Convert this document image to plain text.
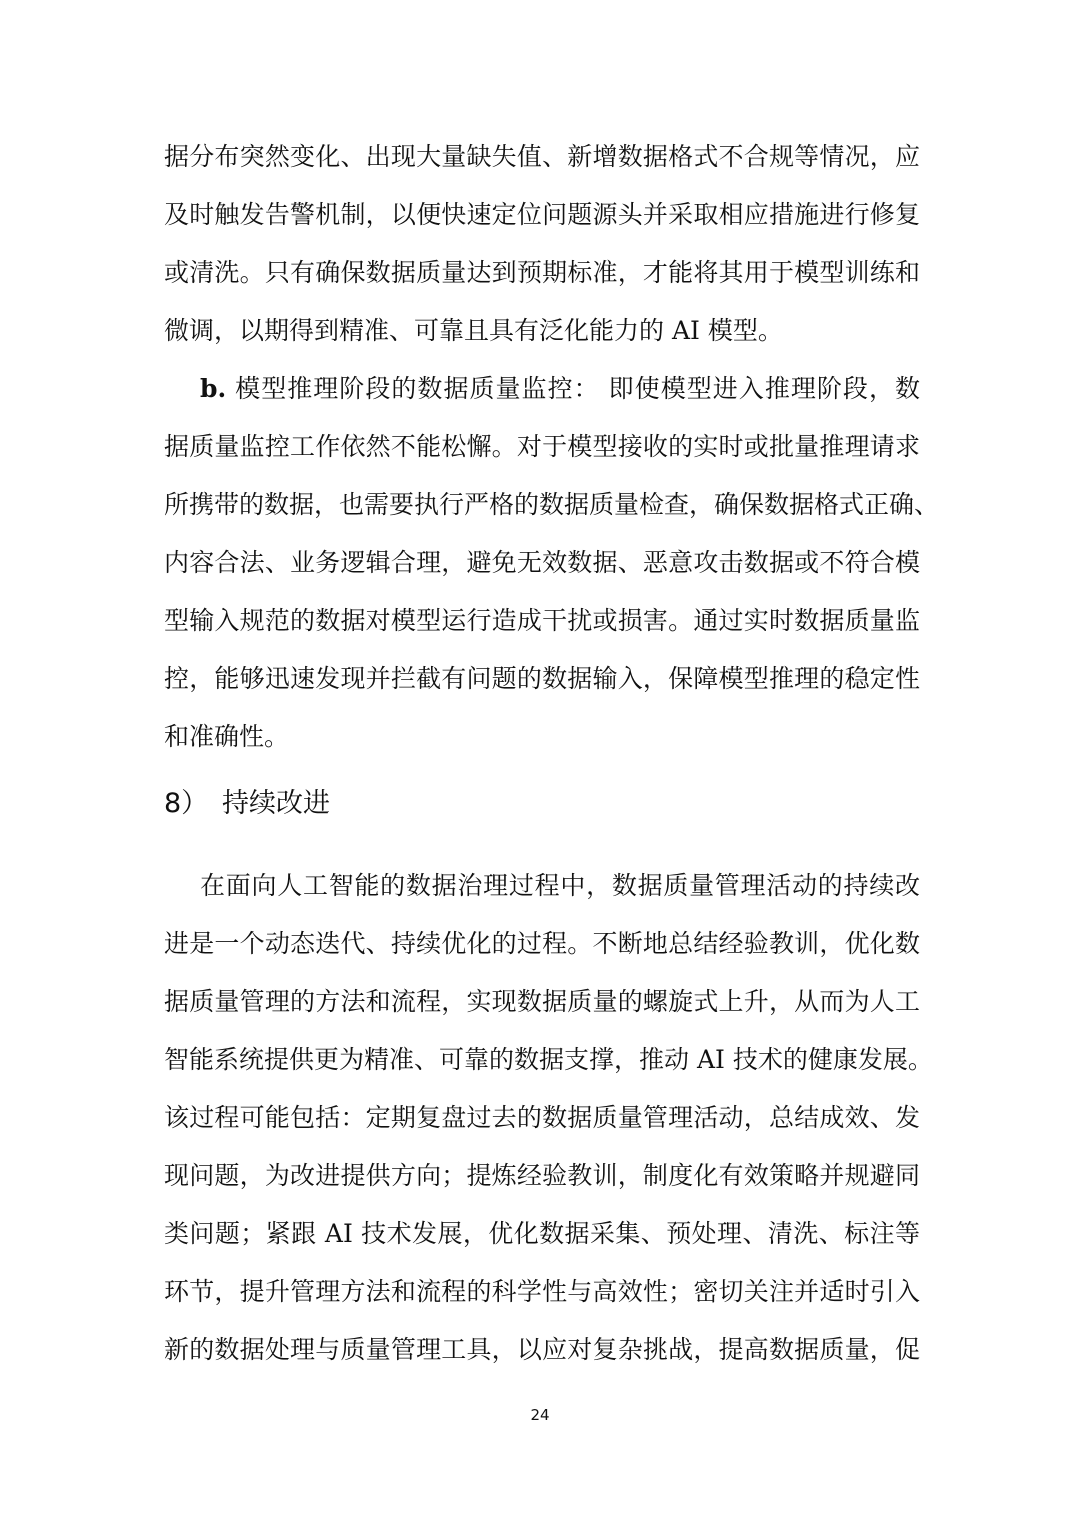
据分布突然变化、出现大量缺失值、新增数据格式不合规等情况，应
及时触发告警机制，以便快速定位问题源头并采取相应措施进行修复
或清洗。只有确保数据质量达到预期标准，才能将其用于模型训练和
微调，以期得到精准、可靠且具有泛化能力的 AI 模型。
b. 模型推理阶段的数据质量监控： 即使模型进入推理阶段，数
据质量监控工作依然不能松懈。对于模型接收的实时或批量推理请求
所携带的数据，也需要执行严格的数据质量检查，确保数据格式正确、
内容合法、业务逻辑合理，避免无效数据、恶意攻击数据或不符合模
型输入规范的数据对模型运行造成干扰或损害。通过实时数据质量监
控，能够迅速发现并拦截有问题的数据输入，保障模型推理的稳定性
和准确性。
8） 持续改进
在面向人工智能的数据治理过程中，数据质量管理活动的持续改
进是一个动态迭代、持续优化的过程。不断地总结经验教训，优化数
据质量管理的方法和流程，实现数据质量的螺旋式上升，从而为人工
智能系统提供更为精准、可靠的数据支撑，推动 AI 技术的健康发展。
该过程可能包括：定期复盘过去的数据质量管理活动，总结成效、发
现问题，为改进提供方向；提炼经验教训，制度化有效策略并规避同
类问题；紧跟 AI 技术发展，优化数据采集、预处理、清洗、标注等
环节，提升管理方法和流程的科学性与高效性；密切关注并适时引入
新的数据处理与质量管理工具，以应对复杂挑战，提高数据质量，促
24
